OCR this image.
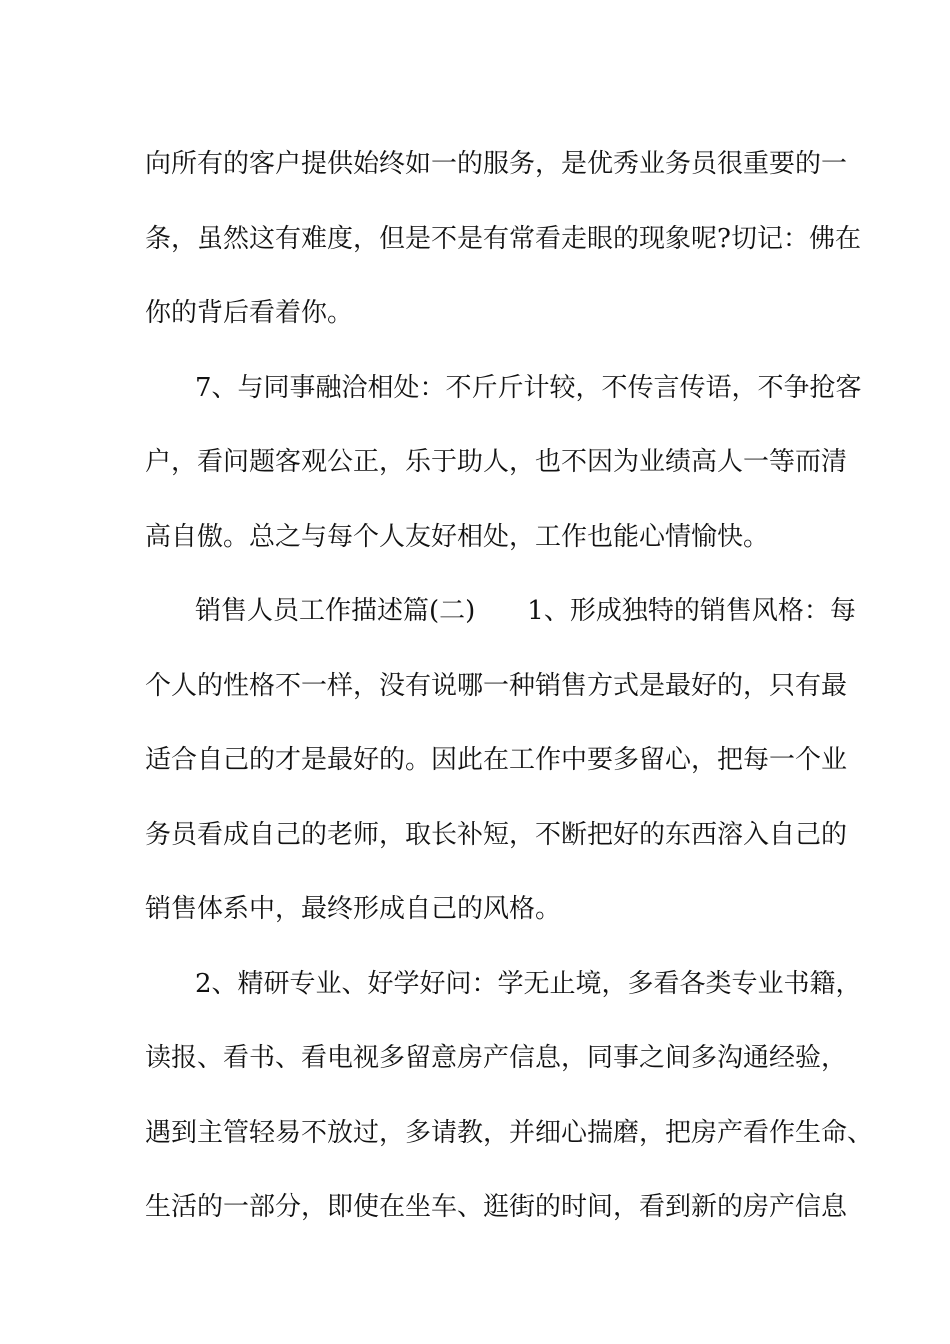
向所有的客户提供始终如一的服务，是优秀业务员很重要的一
条，虽然这有难度，但是不是有常看走眼的现象呢?切记：佛在
你的背后看着你。
7、与同事融洽相处：不斤斤计较，不传言传语，不争抢客
户，看问题客观公正，乐于助人，也不因为业绩高人一等而清
高自傲。总之与每个人友好相处，工作也能心情愉快。
销售人员工作描述篇(二)　　1、形成独特的销售风格：每
个人的性格不一样，没有说哪一种销售方式是最好的，只有最
适合自己的才是最好的。因此在工作中要多留心，把每一个业
务员看成自己的老师，取长补短，不断把好的东西溶入自己的
销售体系中，最终形成自己的风格。
2、精研专业、好学好问：学无止境，多看各类专业书籍，
读报、看书、看电视多留意房产信息，同事之间多沟通经验，
遇到主管轻易不放过，多请教，并细心揣磨，把房产看作生命、
生活的一部分，即使在坐车、逛街的时间，看到新的房产信息
